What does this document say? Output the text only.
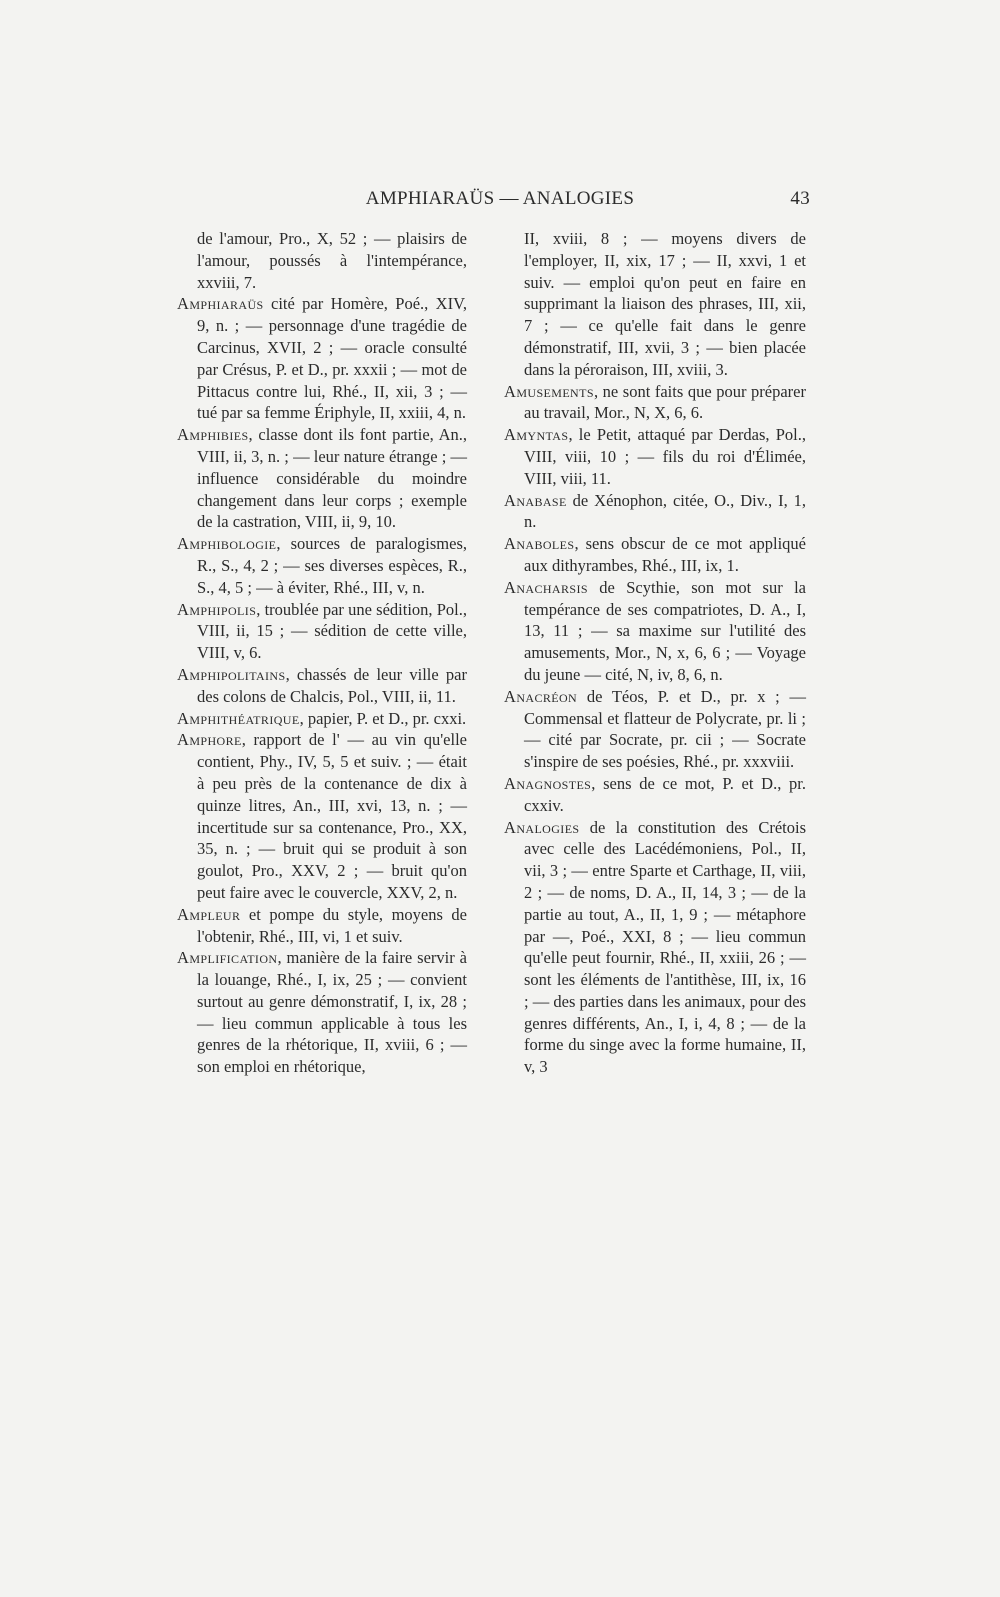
AMPHIARAÜS — ANALOGIES	43

de l'amour, Pro., X, 52 ; — plaisirs de l'amour, poussés à l'intempérance, xxviii, 7.

Amphiaraüs cité par Homère, Poé., XIV, 9, n. ; — personnage d'une tragédie de Carcinus, XVII, 2 ; — oracle consulté par Crésus, P. et D., pr. xxxii ; — mot de Pittacus contre lui, Rhé., II, xii, 3 ; — tué par sa femme Ériphyle, II, xxiii, 4, n.

Amphibies, classe dont ils font partie, An., VIII, ii, 3, n. ; — leur nature étrange ; — influence considérable du moindre changement dans leur corps ; exemple de la castration, VIII, ii, 9, 10.

Amphibologie, sources de paralogismes, R., S., 4, 2 ; — ses diverses espèces, R., S., 4, 5 ; — à éviter, Rhé., III, v, n.

Amphipolis, troublée par une sédition, Pol., VIII, ii, 15 ; — sédition de cette ville, VIII, v, 6.

Amphipolitains, chassés de leur ville par des colons de Chalcis, Pol., VIII, ii, 11.

Amphithéatrique, papier, P. et D., pr. cxxi.

Amphore, rapport de l' — au vin qu'elle contient, Phy., IV, 5, 5 et suiv. ; — était à peu près de la contenance de dix à quinze litres, An., III, xvi, 13, n. ; — incertitude sur sa contenance, Pro., XX, 35, n. ; — bruit qui se produit à son goulot, Pro., XXV, 2 ; — bruit qu'on peut faire avec le couvercle, XXV, 2, n.

Ampleur et pompe du style, moyens de l'obtenir, Rhé., III, vi, 1 et suiv.

Amplification, manière de la faire servir à la louange, Rhé., I, ix, 25 ; — convient surtout au genre démonstratif, I, ix, 28 ; — lieu commun applicable à tous les genres de la rhétorique, II, xviii, 6 ; — son emploi en rhétorique,

II, xviii, 8 ; — moyens divers de l'employer, II, xix, 17 ; — II, xxvi, 1 et suiv. — emploi qu'on peut en faire en supprimant la liaison des phrases, III, xii, 7 ; — ce qu'elle fait dans le genre démonstratif, III, xvii, 3 ; — bien placée dans la péroraison, III, xviii, 3.

Amusements, ne sont faits que pour préparer au travail, Mor., N, X, 6, 6.

Amyntas, le Petit, attaqué par Derdas, Pol., VIII, viii, 10 ; — fils du roi d'Élimée, VIII, viii, 11.

Anabase de Xénophon, citée, O., Div., I, 1, n.

Anaboles, sens obscur de ce mot appliqué aux dithyrambes, Rhé., III, ix, 1.

Anacharsis de Scythie, son mot sur la tempérance de ses compatriotes, D. A., I, 13, 11 ; — sa maxime sur l'utilité des amusements, Mor., N, x, 6, 6 ; — Voyage du jeune — cité, N, iv, 8, 6, n.

Anacréon de Téos, P. et D., pr. x ; — Commensal et flatteur de Polycrate, pr. li ; — cité par Socrate, pr. cii ; — Socrate s'inspire de ses poésies, Rhé., pr. xxxviii.

Anagnostes, sens de ce mot, P. et D., pr. cxxiv.

Analogies de la constitution des Crétois avec celle des Lacédémoniens, Pol., II, vii, 3 ; — entre Sparte et Carthage, II, viii, 2 ; — de noms, D. A., II, 14, 3 ; — de la partie au tout, A., II, 1, 9 ; — métaphore par —, Poé., XXI, 8 ; — lieu commun qu'elle peut fournir, Rhé., II, xxiii, 26 ; — sont les éléments de l'antithèse, III, ix, 16 ; — des parties dans les animaux, pour des genres différents, An., I, i, 4, 8 ; — de la forme du singe avec la forme humaine, II, v, 3
